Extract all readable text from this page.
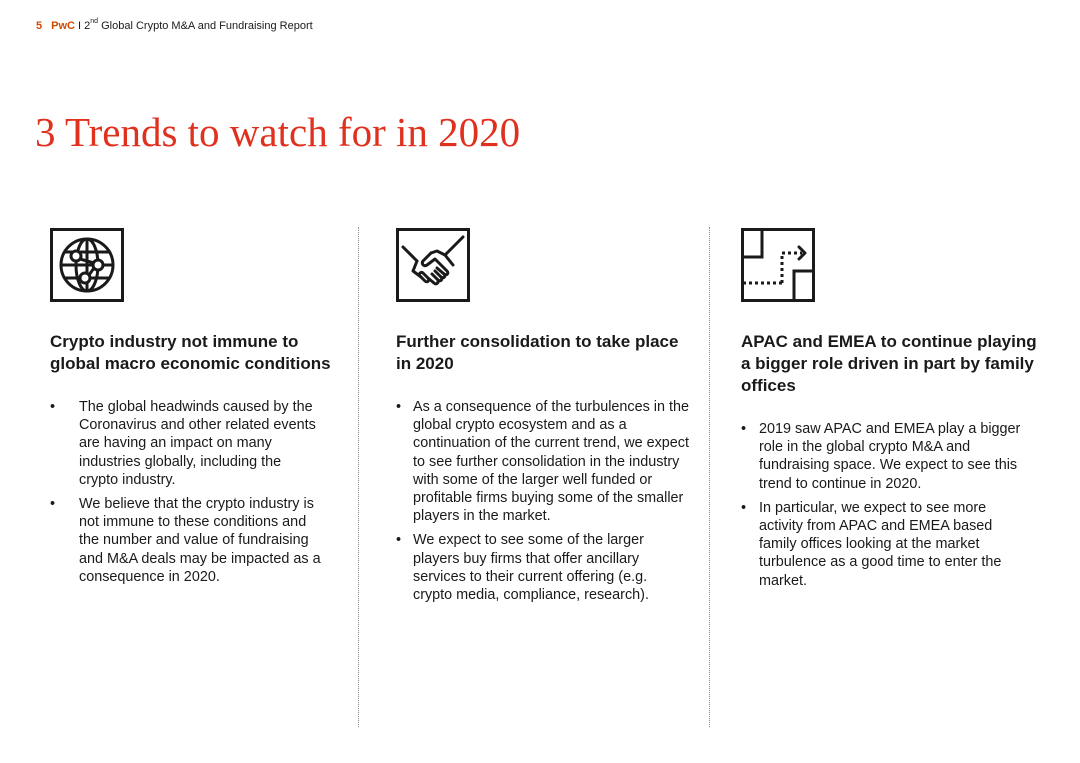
5 PwC I 2nd Global Crypto M&A and Fundraising Report
3 Trends to watch for in 2020
Crypto industry not immune to global macro economic conditions
• The global headwinds caused by the Coronavirus and other related events are having an impact on many industries globally, including the crypto industry.
• We believe that the crypto industry is not immune to these conditions and the number and value of fundraising and M&A deals may be impacted as a consequence in 2020.
Further consolidation to take place in 2020
• As a consequence of the turbulences in the global crypto ecosystem and as a continuation of the current trend, we expect to see further consolidation in the industry with some of the larger well funded or profitable firms buying some of the smaller players in the market.
• We expect to see some of the larger players buy firms that offer ancillary services to their current offering (e.g. crypto media, compliance, research).
APAC and EMEA to continue playing a bigger role driven in part by family offices
• 2019 saw APAC and EMEA play a bigger role in the global crypto M&A and fundraising space. We expect to see this trend to continue in 2020.
• In particular, we expect to see more activity from APAC and EMEA based family offices looking at the market turbulence as a good time to enter the market.
